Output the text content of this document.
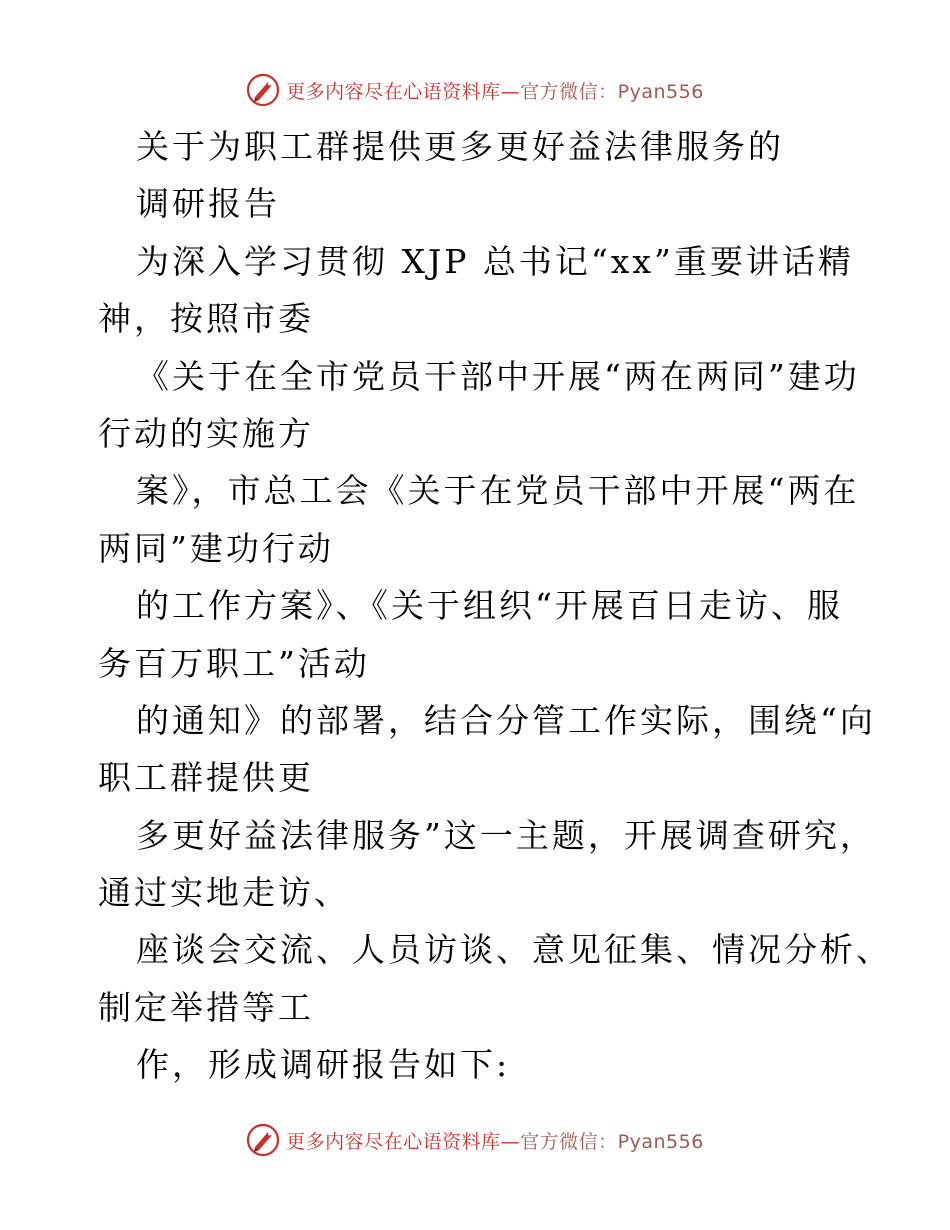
更多内容尽在心语资料库—官方微信：Pyan556
关于为职工群提供更多更好益法律服务的
调研报告
为深入学习贯彻 XJP 总书记“xx”重要讲话精
神，按照市委
《关于在全市党员干部中开展“两在两同”建功
行动的实施方
案》，市总工会《关于在党员干部中开展“两在
两同”建功行动
的工作方案》、《关于组织“开展百日走访、服
务百万职工”活动
的通知》的部署，结合分管工作实际，围绕“向
职工群提供更
多更好益法律服务”这一主题，开展调查研究，
通过实地走访、
座谈会交流、人员访谈、意见征集、情况分析、
制定举措等工
作，形成调研报告如下:
更多内容尽在心语资料库—官方微信：Pyan556
